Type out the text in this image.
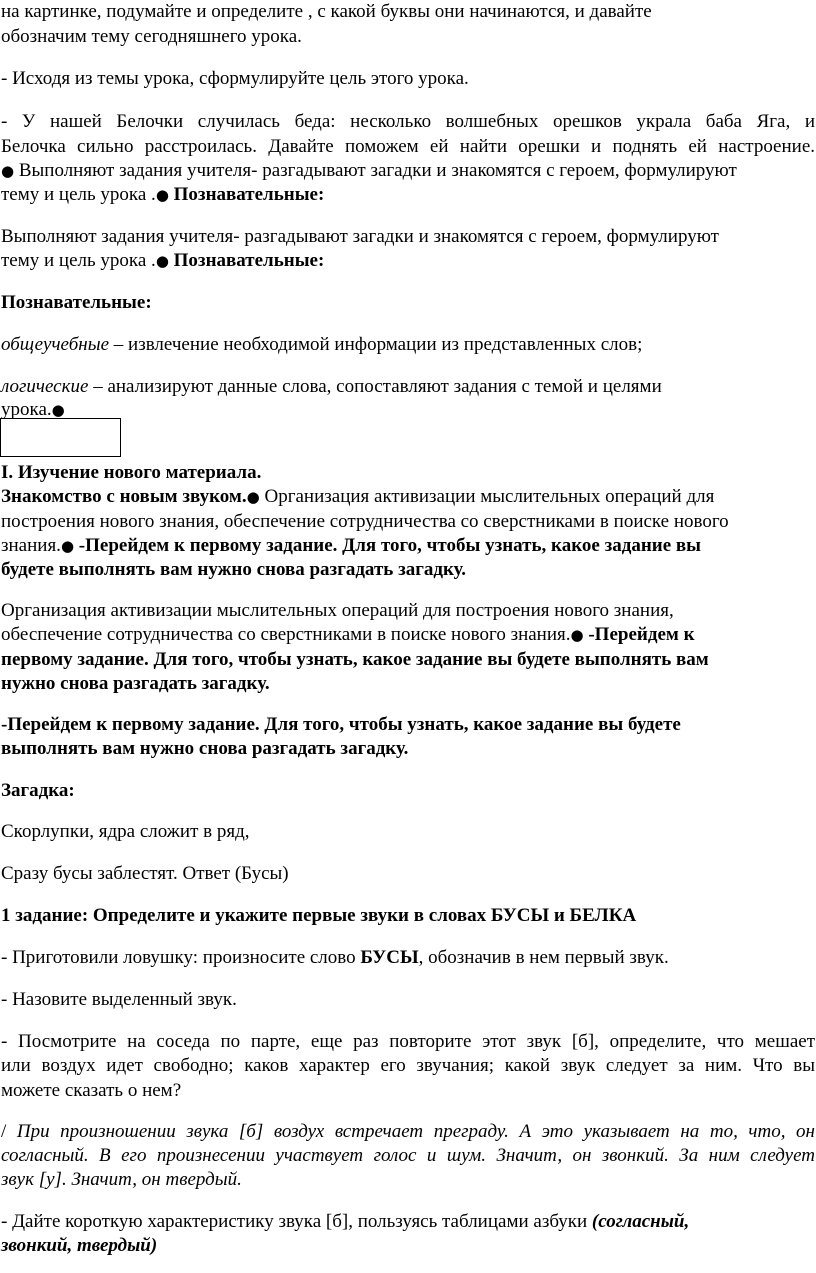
на картинке, подумайте и определите , с какой буквы они начинаются, и давайте
обозначим тему сегодняшнего урока.
- Исходя из темы урока, сформулируйте цель этого урока.
- У нашей Белочки случилась беда: несколько волшебных орешков украла баба Яга, и
Белочка сильно расстроилась. Давайте поможем ей найти орешки и поднять ей настроение.
● Выполняют задания учителя- разгадывают загадки и знакомятся с героем, формулируют
тему и цель урока .● Познавательные:
Выполняют задания учителя- разгадывают загадки и знакомятся с героем, формулируют
тему и цель урока .● Познавательные:
Познавательные:
общеучебные – извлечение необходимой информации из представленных слов;
логические – анализируют данные слова, сопоставляют задания с темой и целями
урока.●
I. Изучение нового материала.
Знакомство с новым звуком.● Организация активизации мыслительных операций для
построения нового знания, обеспечение сотрудничества со сверстниками в поиске нового
знания.● -Перейдем к первому задание. Для того, чтобы узнать, какое задание вы
будете выполнять вам нужно снова разгадать загадку.
Организация активизации мыслительных операций для построения нового знания,
обеспечение сотрудничества со сверстниками в поиске нового знания.● -Перейдем к
первому задание. Для того, чтобы узнать, какое задание вы будете выполнять вам
нужно снова разгадать загадку.
-Перейдем к первому задание. Для того, чтобы узнать, какое задание вы будете
выполнять вам нужно снова разгадать загадку.
Загадка:
Скорлупки, ядра сложит в ряд,
Сразу бусы заблестят. Ответ (Бусы)
1 задание: Определите и укажите первые звуки в словах БУСЫ и БЕЛКА
- Приготовили ловушку: произносите слово БУСЫ, обозначив в нем первый звук.
- Назовите выделенный звук.
- Посмотрите на соседа по парте, еще раз повторите этот звук [б], определите, что мешает
или воздух идет свободно; каков характер его звучания; какой звук следует за ним. Что вы
можете сказать о нем?
/ При произношении звука [б] воздух встречает преграду. А это указывает на то, что, он
согласный. В его произнесении участвует голос и шум. Значит, он звонкий. За ним следует
звук [у]. Значит, он твердый.
- Дайте короткую характеристику звука [б], пользуясь таблицами азбуки (согласный,
звонкий, твердый)
